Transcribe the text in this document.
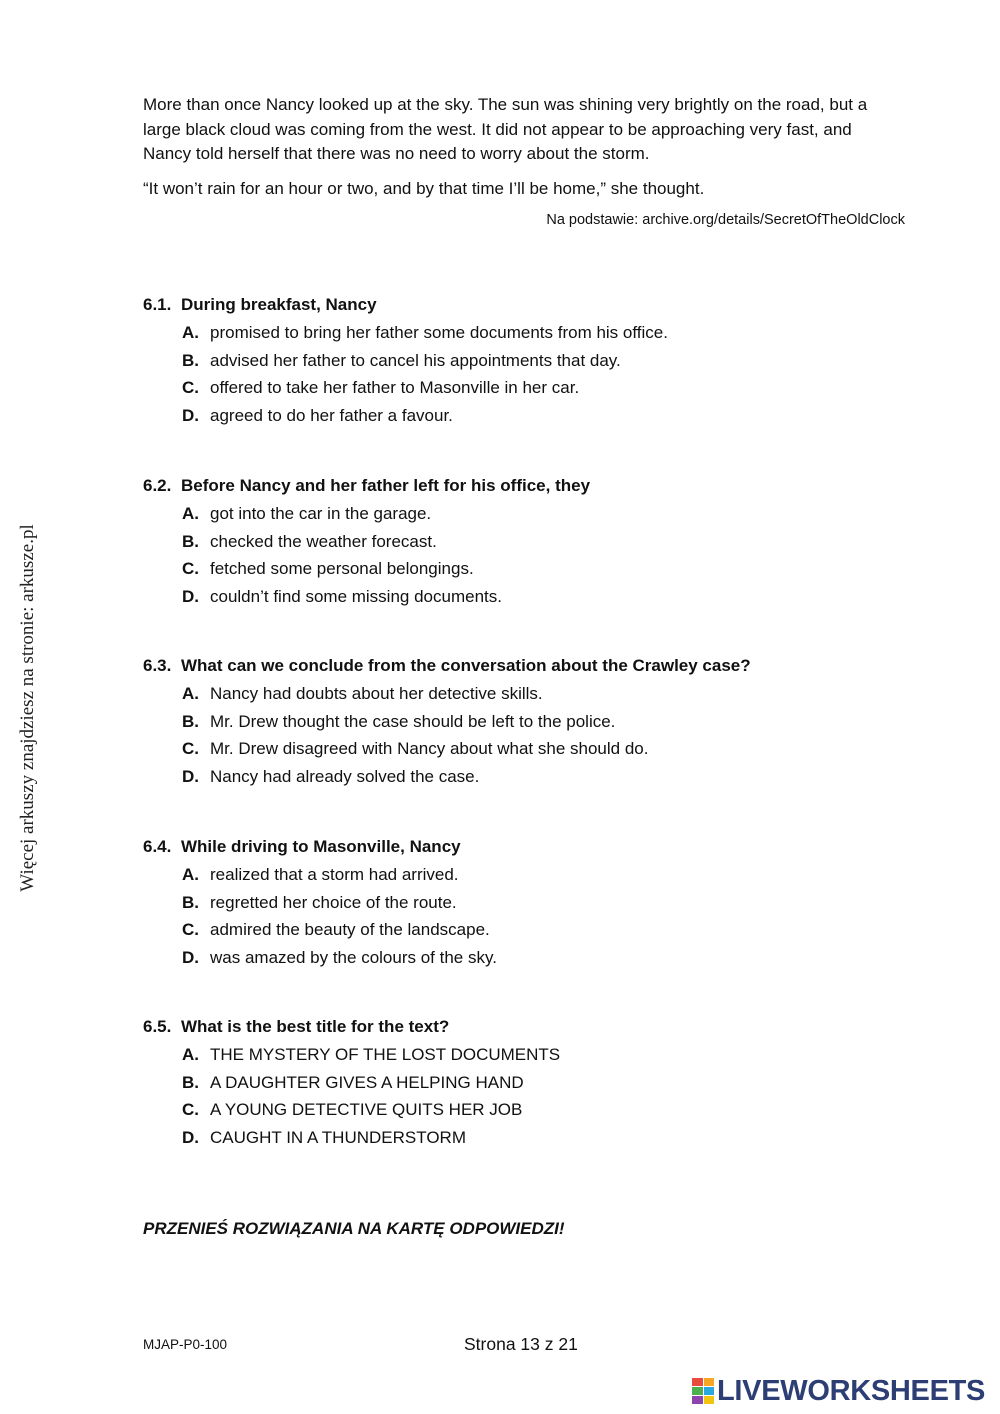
More than once Nancy looked up at the sky. The sun was shining very brightly on the road, but a large black cloud was coming from the west. It did not appear to be approaching very fast, and Nancy told herself that there was no need to worry about the storm.

“It won’t rain for an hour or two, and by that time I’ll be home,” she thought.

Na podstawie: archive.org/details/SecretOfTheOldClock
Więcej arkuszy znajdziesz na stronie: arkusze.pl
6.1. During breakfast, Nancy
A. promised to bring her father some documents from his office.
B. advised her father to cancel his appointments that day.
C. offered to take her father to Masonville in her car.
D. agreed to do her father a favour.
6.2. Before Nancy and her father left for his office, they
A. got into the car in the garage.
B. checked the weather forecast.
C. fetched some personal belongings.
D. couldn’t find some missing documents.
6.3. What can we conclude from the conversation about the Crawley case?
A. Nancy had doubts about her detective skills.
B. Mr. Drew thought the case should be left to the police.
C. Mr. Drew disagreed with Nancy about what she should do.
D. Nancy had already solved the case.
6.4. While driving to Masonville, Nancy
A. realized that a storm had arrived.
B. regretted her choice of the route.
C. admired the beauty of the landscape.
D. was amazed by the colours of the sky.
6.5. What is the best title for the text?
A. THE MYSTERY OF THE LOST DOCUMENTS
B. A DAUGHTER GIVES A HELPING HAND
C. A YOUNG DETECTIVE QUITS HER JOB
D. CAUGHT IN A THUNDERSTORM
PRZENIEŚ ROZWIĄZANIA NA KARTĘ ODPOWIEDZI!
MJAP-P0-100	Strona 13 z 21
LIVEWORKSHEETS
